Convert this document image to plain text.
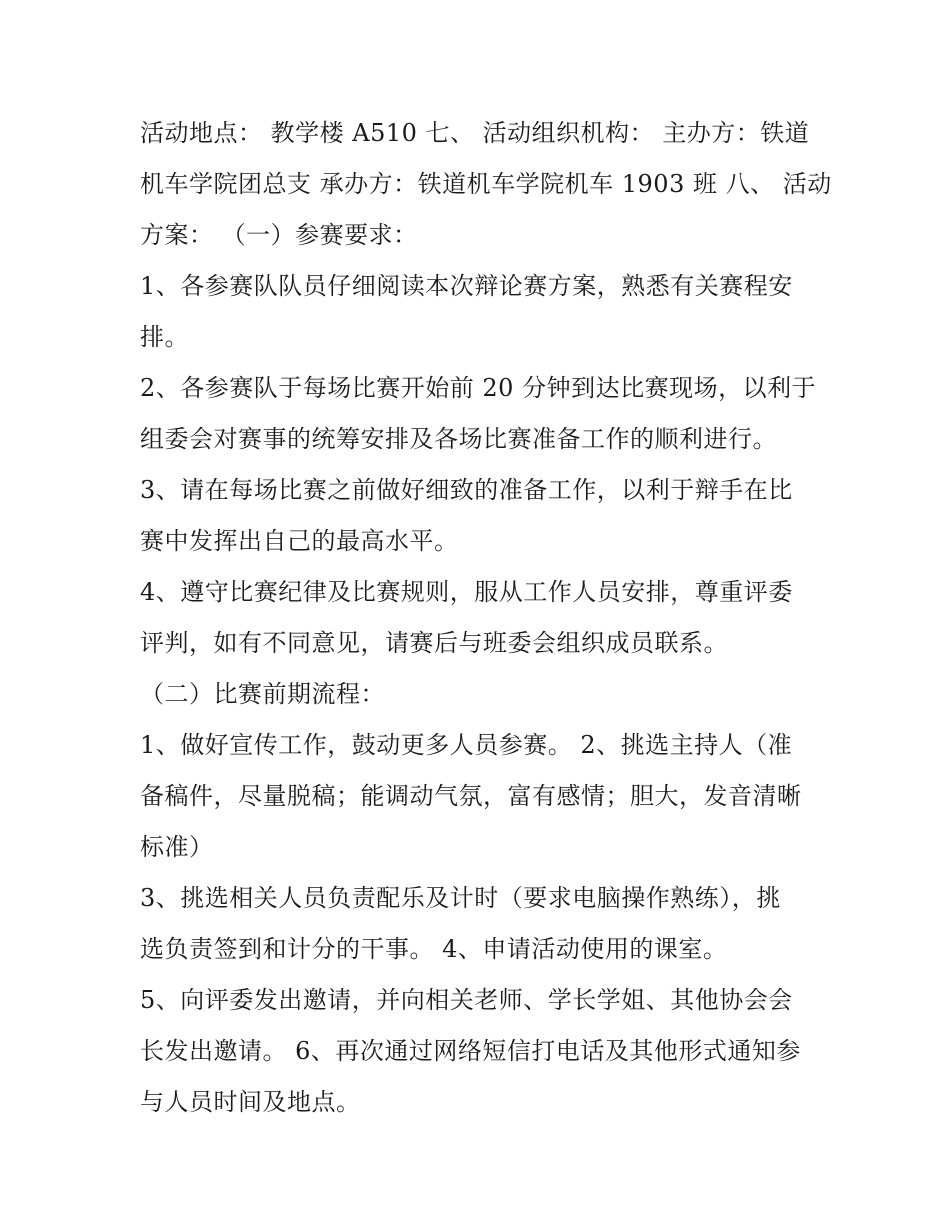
活动地点： 教学楼 A510 七、 活动组织机构： 主办方：铁道

机车学院团总支 承办方：铁道机车学院机车 1903 班 八、 活动

方案： （一）参赛要求：

1、各参赛队队员仔细阅读本次辩论赛方案，熟悉有关赛程安

排。

2、各参赛队于每场比赛开始前 20 分钟到达比赛现场，以利于

组委会对赛事的统筹安排及各场比赛准备工作的顺利进行。

3、请在每场比赛之前做好细致的准备工作，以利于辩手在比

赛中发挥出自己的最高水平。

4、遵守比赛纪律及比赛规则，服从工作人员安排，尊重评委

评判，如有不同意见，请赛后与班委会组织成员联系。

（二）比赛前期流程：

1、做好宣传工作，鼓动更多人员参赛。 2、挑选主持人（准

备稿件，尽量脱稿；能调动气氛，富有感情；胆大，发音清晰

标准）

3、挑选相关人员负责配乐及计时（要求电脑操作熟练），挑

选负责签到和计分的干事。 4、申请活动使用的课室。

5、向评委发出邀请，并向相关老师、学长学姐、其他协会会

长发出邀请。 6、再次通过网络短信打电话及其他形式通知参

与人员时间及地点。
